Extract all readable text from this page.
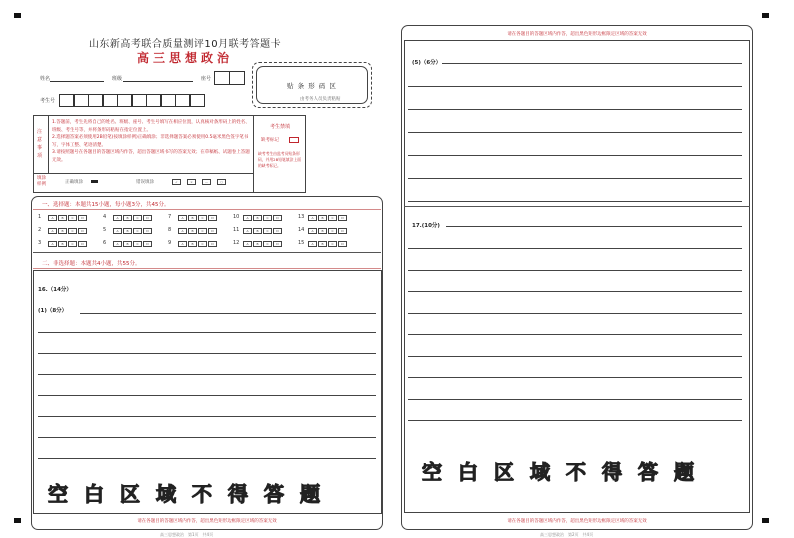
山东新高考联合质量测评10月联考答题卡
高三思想政治
姓名	班级	座号
考生号
贴 条 形 码 区
由考务人员负责粘贴
注意事项
1.答题前，考生先将自己的姓名、班级、座号、考生号填写在相应位置，认真核对条形码上的姓名、班级、考生号等，并将条形码粘贴在指定位置上。
2.选择题答案必须使用2B铅笔(按填涂样例)正确填涂；非选择题答案必须使用0.5毫米黑色签字笔书写，字体工整、笔迹清楚。
3.请按照题号在各题目的答题区域内作答，超出答题区域书写的答案无效；在草稿纸、试题卷上答题无效。
考生禁填
缺考标记
缺考考生由监考员贴条形码，并用2B铅笔填涂上面的缺考标记。
填涂样例	正确填涂	错误填涂	✓	×	—	○
一、选择题：本题共15小题，每小题3分，共45分。
1	A	B	C	D
2	A	B	C	D
3	A	B	C	D
4	A	B	C	D
5	A	B	C	D
6	A	B	C	D
7	A	B	C	D
8	A	B	C	D
9	A	B	C	D
10	A	B	C	D
11	A	B	C	D
12	A	B	C	D
13	A	B	C	D
14	A	B	C	D
15	A	B	C	D
二、非选择题：本题共4小题，共55分。
16.（14分）
(1)（8分）
空白区域不得答题
请在各题目的答题区域内作答，超出黑色矩形边框限定区域的答案无效
高三思想政治　第1页　共4页
请在各题目的答题区域内作答，超出黑色矩形边框限定区域的答案无效
(5)（6分）
17.(10分)
空白区域不得答题
请在各题目的答题区域内作答，超出黑色矩形边框限定区域的答案无效
高三思想政治　第2页　共4页
